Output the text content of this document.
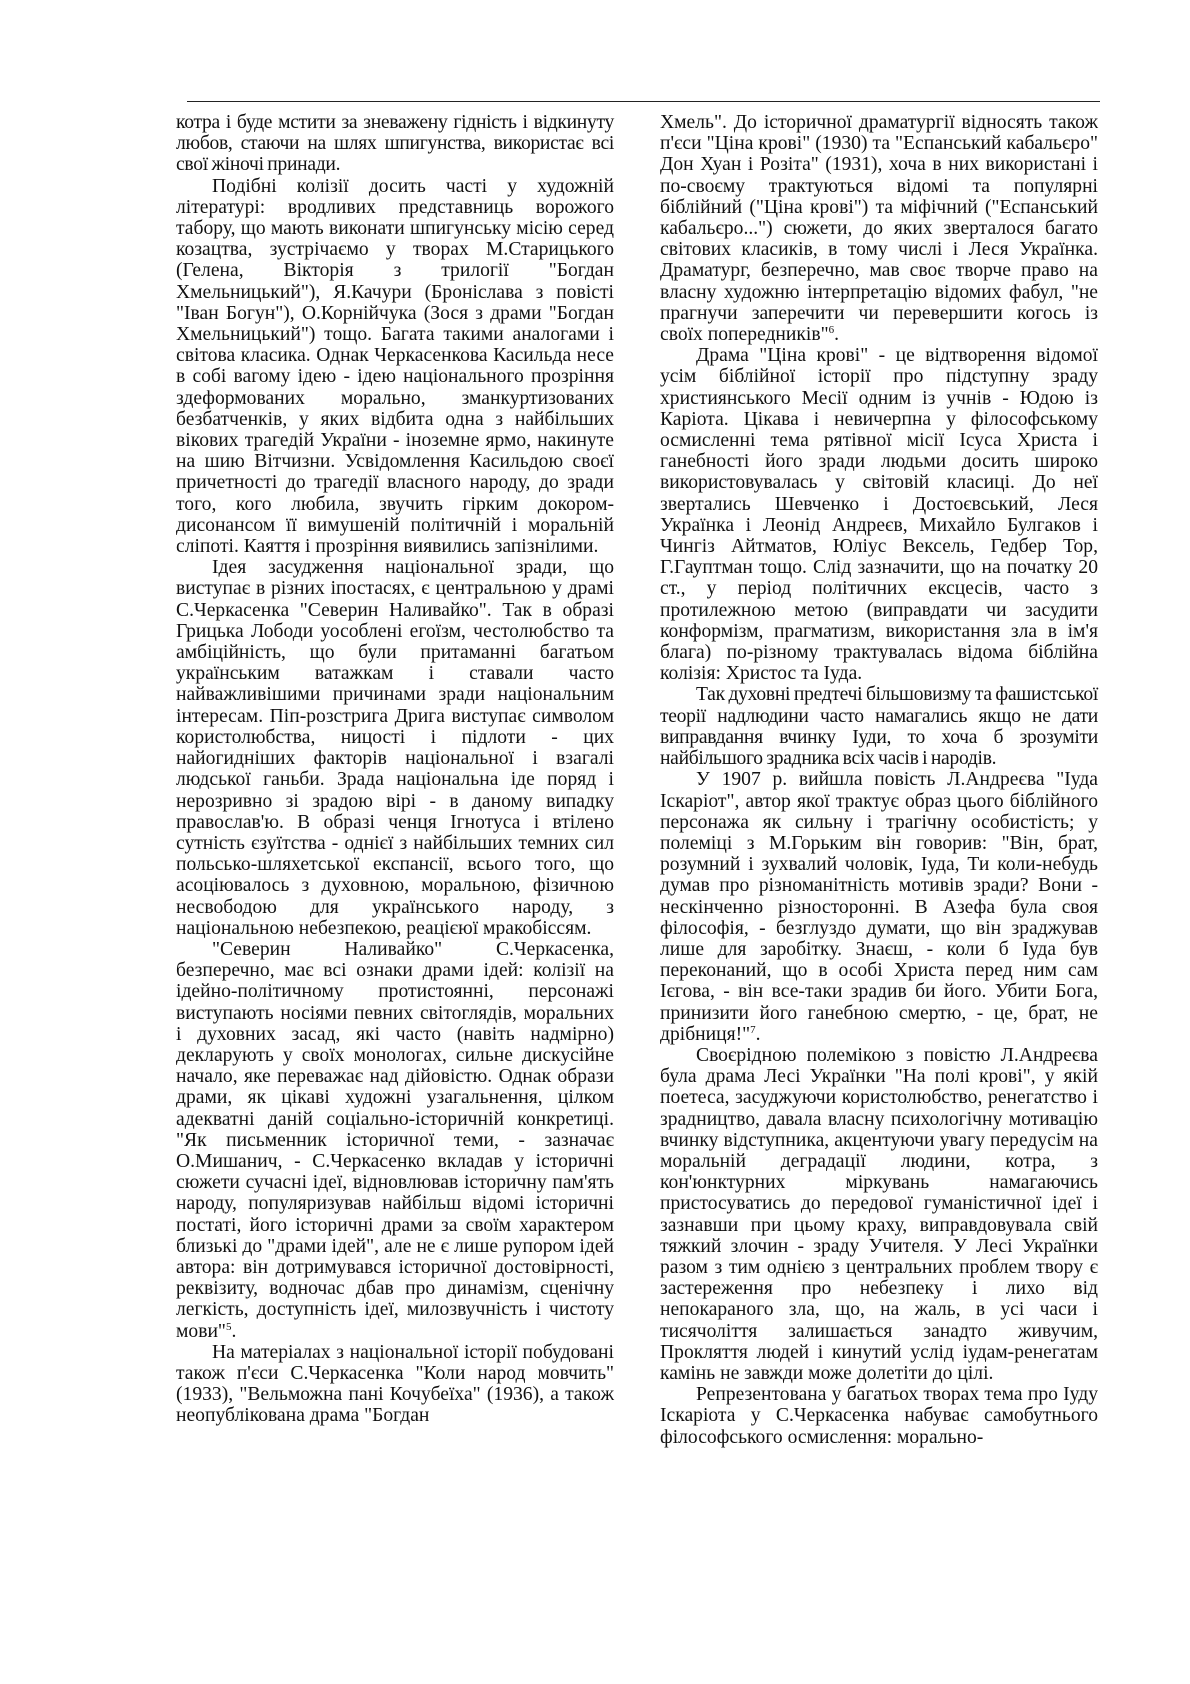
котра і буде мстити за зневажену гідність і відкинуту любов, стаючи на шлях шпигунства, використає всі свої жіночі принади.

Подібні колізії досить часті у художній літературі: вродливих представниць ворожого табору, що мають виконати шпигунську місію серед козацтва, зустрічаємо у творах М.Старицького (Гелена, Вікторія з трилогії "Богдан Хмельницький"), Я.Качури (Броніслава з повісті "Іван Богун"), О.Корнійчука (Зося з драми "Богдан Хмельницький") тощо. Багата такими аналогами і світова класика. Однак Черкасенкова Касильда несе в собі вагому ідею - ідею національного прозріння здеформованих морально, зманкуртизованих безбатченків, у яких відбита одна з найбільших вікових трагедій України - іноземне ярмо, накинуте на шию Вітчизни. Усвідомлення Касильдою своєї причетності до трагедії власного народу, до зради того, кого любила, звучить гірким докором-дисонансом її вимушеній політичній і моральній сліпоті. Каяття і прозріння виявились запізнілими.

Ідея засудження національної зради, що виступає в різних іпостасях, є центральною у драмі С.Черкасенка "Северин Наливайко". Так в образі Грицька Лободи уособлені егоїзм, честолюбство та амбіційність, що були притаманні багатьом українським ватажкам і ставали часто найважливішими причинами зради національним інтересам. Піп-розстрига Дрига виступає символом користолюбства, ницості і підлоти - цих найогидніших факторів національної і взагалі людської ганьби. Зрада національна іде поряд і нерозривно зі зрадою вірі - в даному випадку православ'ю. В образі ченця Ігнотуса і втілено сутність єзуїтства - однієї з найбільших темних сил польсько-шляхетської експансії, всього того, що асоціювалось з духовною, моральною, фізичною несвободою для українського народу, з національною небезпекою, реацієюї мракобіссям.

"Северин Наливайко" С.Черкасенка, безперечно, має всі ознаки драми ідей: колізії на ідейно-політичному протистоянні, персонажі виступають носіями певних світоглядів, моральних і духовних засад, які часто (навіть надмірно) декларують у своїх монологах, сильне дискусійне начало, яке переважає над дійовістю. Однак образи драми, як цікаві художні узагальнення, цілком адекватні даній соціально-історичній конкретиці. "Як письменник історичної теми, - зазначає О.Мишанич, - С.Черкасенко вкладав у історичні сюжети сучасні ідеї, відновлював історичну пам'ять народу, популяризував найбільш відомі історичні постаті, його історичні драми за своїм характером близькі до "драми ідей", але не є лише рупором ідей автора: він дотримувався історичної достовірності, реквізиту, водночас дбав про динамізм, сценічну легкість, доступність ідеї, милозвучність і чистоту мови"$^5$.

На матеріалах з національної історії побудовані також п'єси С.Черкасенка "Коли народ мовчить" (1933), "Вельможна пані Кочубеїха" (1936), а також неопублікована драма "Богдан

Хмель". До історичної драматургії відносять також п'єси "Ціна крові" (1930) та "Еспанський кабальєро" Дон Хуан і Розіта" (1931), хоча в них використані і по-своєму трактуються відомі та популярні біблійний ("Ціна крові") та міфічний ("Еспанський кабальєро...") сюжети, до яких зверталося багато світових класиків, в тому числі і Леся Українка. Драматург, безперечно, мав своє творче право на власну художню інтерпретацію відомих фабул, "не прагнучи заперечити чи перевершити когось із своїх попередників"$^6$.

Драма "Ціна крові" - це відтворення відомої усім біблійної історії про підступну зраду християнського Месії одним із учнів - Юдою із Каріота. Цікава і невичерпна у філософському осмисленні тема рятівної місії Ісуса Христа і ганебності його зради людьми досить широко використовувалась у світовій класиці. До неї звертались Шевченко і Достоєвський, Леся Українка і Леонід Андреєв, Михайло Булгаков і Чингіз Айтматов, Юліус Вексель, Гедбер Тор, Г.Гауптман тощо. Слід зазначити, що на початку 20 ст., у період політичних ексцесів, часто з протилежною метою (виправдати чи засудити конформізм, прагматизм, використання зла в ім'я блага) по-різному трактувалась відома біблійна колізія: Христос та Іуда.

Так духовні предтечі більшовизму та фашистської теорії надлюдини часто намагались якщо не дати виправдання вчинку Іуди, то хоча б зрозуміти найбільшого зрадника всіх часів і народів.

У 1907 р. вийшла повість Л.Андреєва "Іуда Іскаріот", автор якої трактує образ цього біблійного персонажа як сильну і трагічну особистість; у полеміці з М.Горьким він говорив: "Він, брат, розумний і зухвалий чоловік, Іуда, Ти коли-небудь думав про різноманітність мотивів зради? Вони - нескінченно різносторонні. В Азефа була своя філософія, - безглуздо думати, що він зраджував лише для заробітку. Знаєш, - коли б Іуда був переконаний, що в особі Христа перед ним сам Ієгова, - він все-таки зрадив би його. Убити Бога, принизити його ганебною смертю, - це, брат, не дрібниця!"$^7$.

Своєрідною полемікою з повістю Л.Андреєва була драма Лесі Українки "На полі крові", у якій поетеса, засуджуючи користолюбство, ренегатство і зрадництво, давала власну психологічну мотивацію вчинку відступника, акцентуючи увагу передусім на моральній деградації людини, котра, з кон'юнктурних міркувань намагаючись пристосуватись до передової гуманістичної ідеї і зазнавши при цьому краху, виправдовувала свій тяжкий злочин - зраду Учителя. У Лесі Українки разом з тим однією з центральних проблем твору є застереження про небезпеку і лихо від непокараного зла, що, на жаль, в усі часи і тисячоліття залишається занадто живучим, Прокляття людей і кинутий услід іудам-ренегатам камінь не завжди може долетіти до цілі.

Репрезентована у багатьох творах тема про Іуду Іскаріота у С.Черкасенка набуває самобутнього філософського осмислення: морально-
